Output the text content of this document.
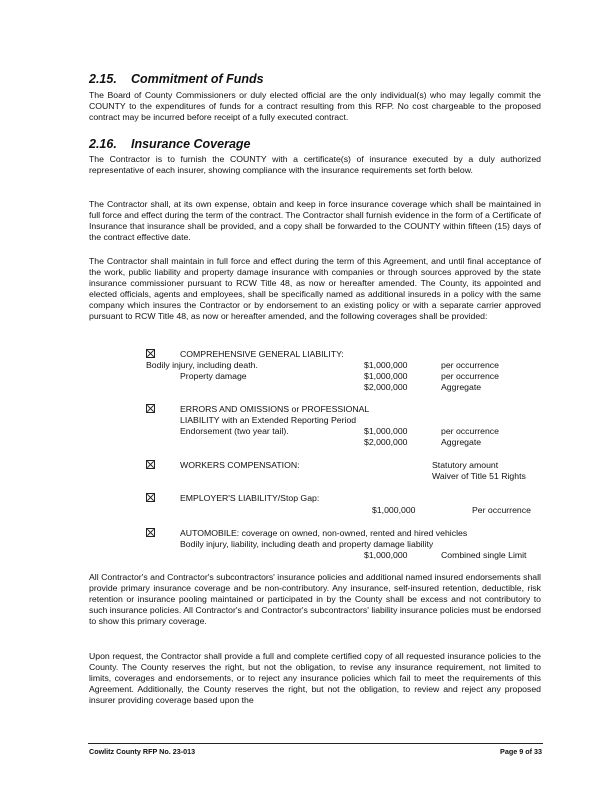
2.15. Commitment of Funds

The Board of County Commissioners or duly elected official are the only individual(s) who may legally commit the COUNTY to the expenditures of funds for a contract resulting from this RFP. No cost chargeable to the proposed contract may be incurred before receipt of a fully executed contract.

2.16. Insurance Coverage

The Contractor is to furnish the COUNTY with a certificate(s) of insurance executed by a duly authorized representative of each insurer, showing compliance with the insurance requirements set forth below.

The Contractor shall, at its own expense, obtain and keep in force insurance coverage which shall be maintained in full force and effect during the term of the contract. The Contractor shall furnish evidence in the form of a Certificate of Insurance that insurance shall be provided, and a copy shall be forwarded to the COUNTY within fifteen (15) days of the contract effective date.

The Contractor shall maintain in full force and effect during the term of this Agreement, and until final acceptance of the work, public liability and property damage insurance with companies or through sources approved by the state insurance commissioner pursuant to RCW Title 48, as now or hereafter amended. The County, its appointed and elected officials, agents and employees, shall be specifically named as additional insureds in a policy with the same company which insures the Contractor or by endorsement to an existing policy or with a separate carrier approved pursuant to RCW Title 48, as now or hereafter amended, and the following coverages shall be provided:

COMPREHENSIVE GENERAL LIABILITY:
Bodily injury, including death.	$1,000,000	per occurrence
Property damage	$1,000,000	per occurrence
$2,000,000	Aggregate
ERRORS AND OMISSIONS or PROFESSIONAL
LIABILITY with an Extended Reporting Period
Endorsement (two year tail).	$1,000,000	per occurrence
$2,000,000	Aggregate
WORKERS COMPENSATION:	Statutory amount
Waiver of Title 51 Rights
EMPLOYER'S LIABILITY/Stop Gap:
$1,000,000	Per occurrence
AUTOMOBILE: coverage on owned, non-owned, rented and hired vehicles
Bodily injury, liability, including death and property damage liability
$1,000,000	Combined single Limit

All Contractor's and Contractor's subcontractors' insurance policies and additional named insured endorsements shall provide primary insurance coverage and be non-contributory. Any insurance, self-insured retention, deductible, risk retention or insurance pooling maintained or participated in by the County shall be excess and not contributory to such insurance policies. All Contractor's and Contractor's subcontractors' liability insurance policies must be endorsed to show this primary coverage.

Upon request, the Contractor shall provide a full and complete certified copy of all requested insurance policies to the County. The County reserves the right, but not the obligation, to revise any insurance requirement, not limited to limits, coverages and endorsements, or to reject any insurance policies which fail to meet the requirements of this Agreement. Additionally, the County reserves the right, but not the obligation, to review and reject any proposed insurer providing coverage based upon the

Cowlitz County RFP No. 23-013	Page 9 of 33
